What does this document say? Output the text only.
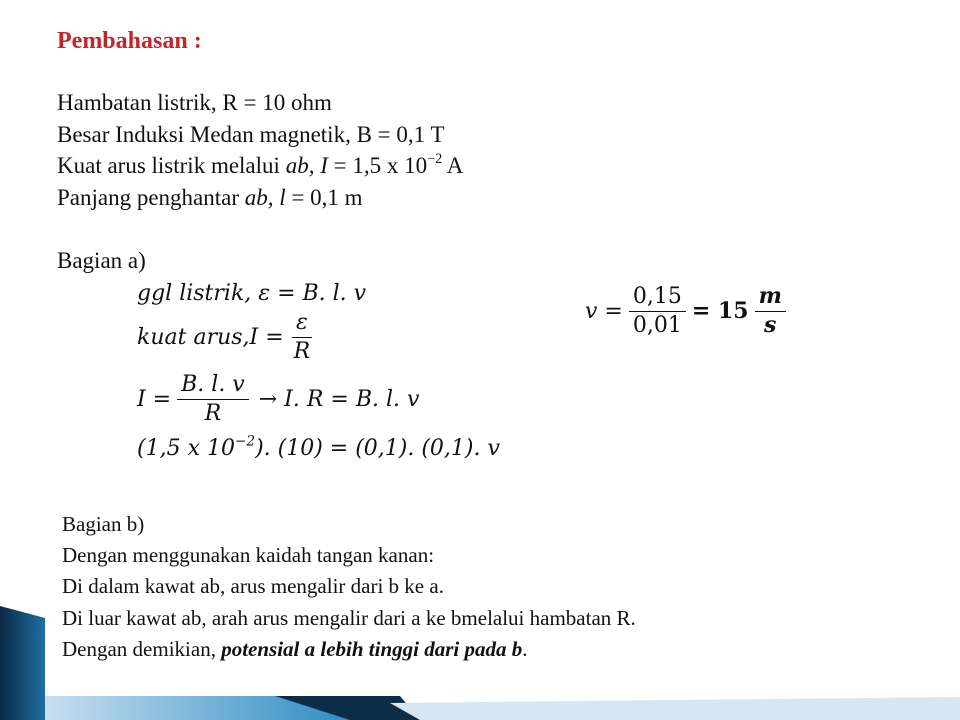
Pembahasan :
Hambatan listrik, R = 10 ohm
Besar Induksi Medan magnetik, B = 0,1 T
Kuat arus listrik melalui ab, I = 1,5 x $10^{-2}$ A
Panjang penghantar ab, l = 0,1 m
Bagian a)
ggl listrik, ε = B. l. v
kuat arus,I = $\frac{\varepsilon}{R}$
$I = \frac{B. l. v}{R} \to I$. R = B. l. v
(1,5 x $10^{-2}$). (10) = (0,1). (0,1). v
$v = \frac{0,15}{0,01} = 15 \frac{m}{s}$
Bagian b)
Dengan menggunakan kaidah tangan kanan:
Di dalam kawat ab, arus mengalir dari b ke a.
Di luar kawat ab, arah arus mengalir dari a ke bmelalui hambatan R.
Dengan demikian, potensial a lebih tinggi dari pada b.
